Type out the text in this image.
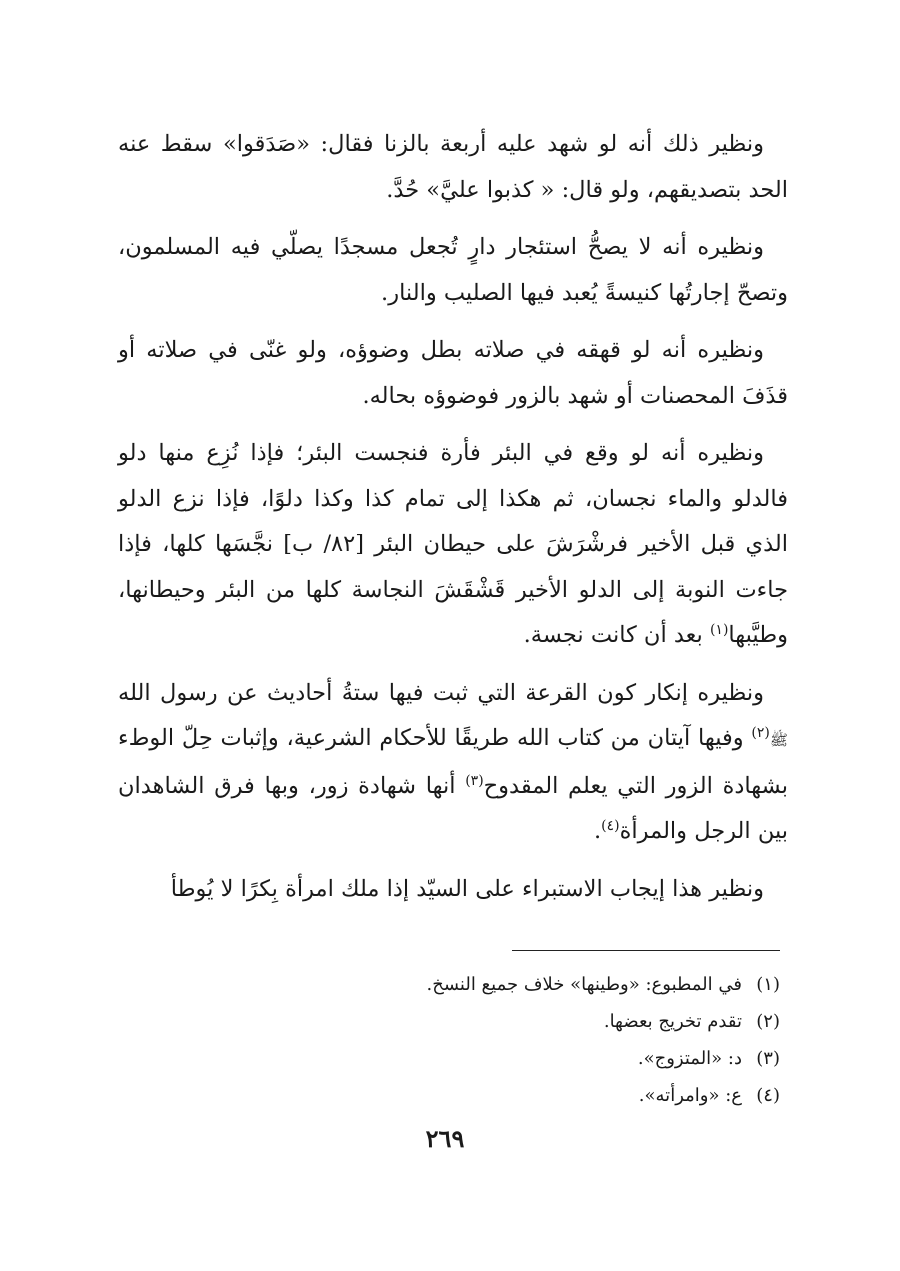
ونظير ذلك أنه لو شهد عليه أربعة بالزنا فقال: «صَدَقوا» سقط عنه الحد بتصديقهم، ولو قال: « كذبوا عليَّ» حُدَّ.

ونظيره أنه لا يصحُّ استئجار دارٍ تُجعل مسجدًا يصلّي فيه المسلمون، وتصحّ إجارتُها كنيسةً يُعبد فيها الصليب والنار.

ونظيره أنه لو قهقه في صلاته بطل وضوؤه، ولو غنّى في صلاته أو قذَفَ المحصنات أو شهد بالزور فوضوؤه بحاله.

ونظيره أنه لو وقع في البئر فأرة فنجست البئر؛ فإذا نُزِع منها دلو فالدلو والماء نجسان، ثم هكذا إلى تمام كذا وكذا دلوًا، فإذا نزع الدلو الذي قبل الأخير فرشْرَشَ على حيطان البئر [٨٢/ ب] نجَّسَها كلها، فإذا جاءت النوبة إلى الدلو الأخير قَشْقَشَ النجاسة كلها من البئر وحيطانها، وطيَّبها$^{(١)}$ بعد أن كانت نجسة.

ونظيره إنكار كون القرعة التي ثبت فيها ستةُ أحاديث عن رسول الله ﷺ$^{(٢)}$ وفيها آيتان من كتاب الله طريقًا للأحكام الشرعية، وإثبات حِلّ الوطء بشهادة الزور التي يعلم المقدوح$^{(٣)}$ أنها شهادة زور، وبها فرق الشاهدان بين الرجل والمرأة$^{(٤)}$.

ونظير هذا إيجاب الاستبراء على السيّد إذا ملك امرأة بِكرًا لا يُوطأ

(١)في المطبوع: «وطينها» خلاف جميع النسخ.
(٢)تقدم تخريج بعضها.
(٣)د: «المتزوج».
(٤)ع: «وامرأته».
٢٦٩
